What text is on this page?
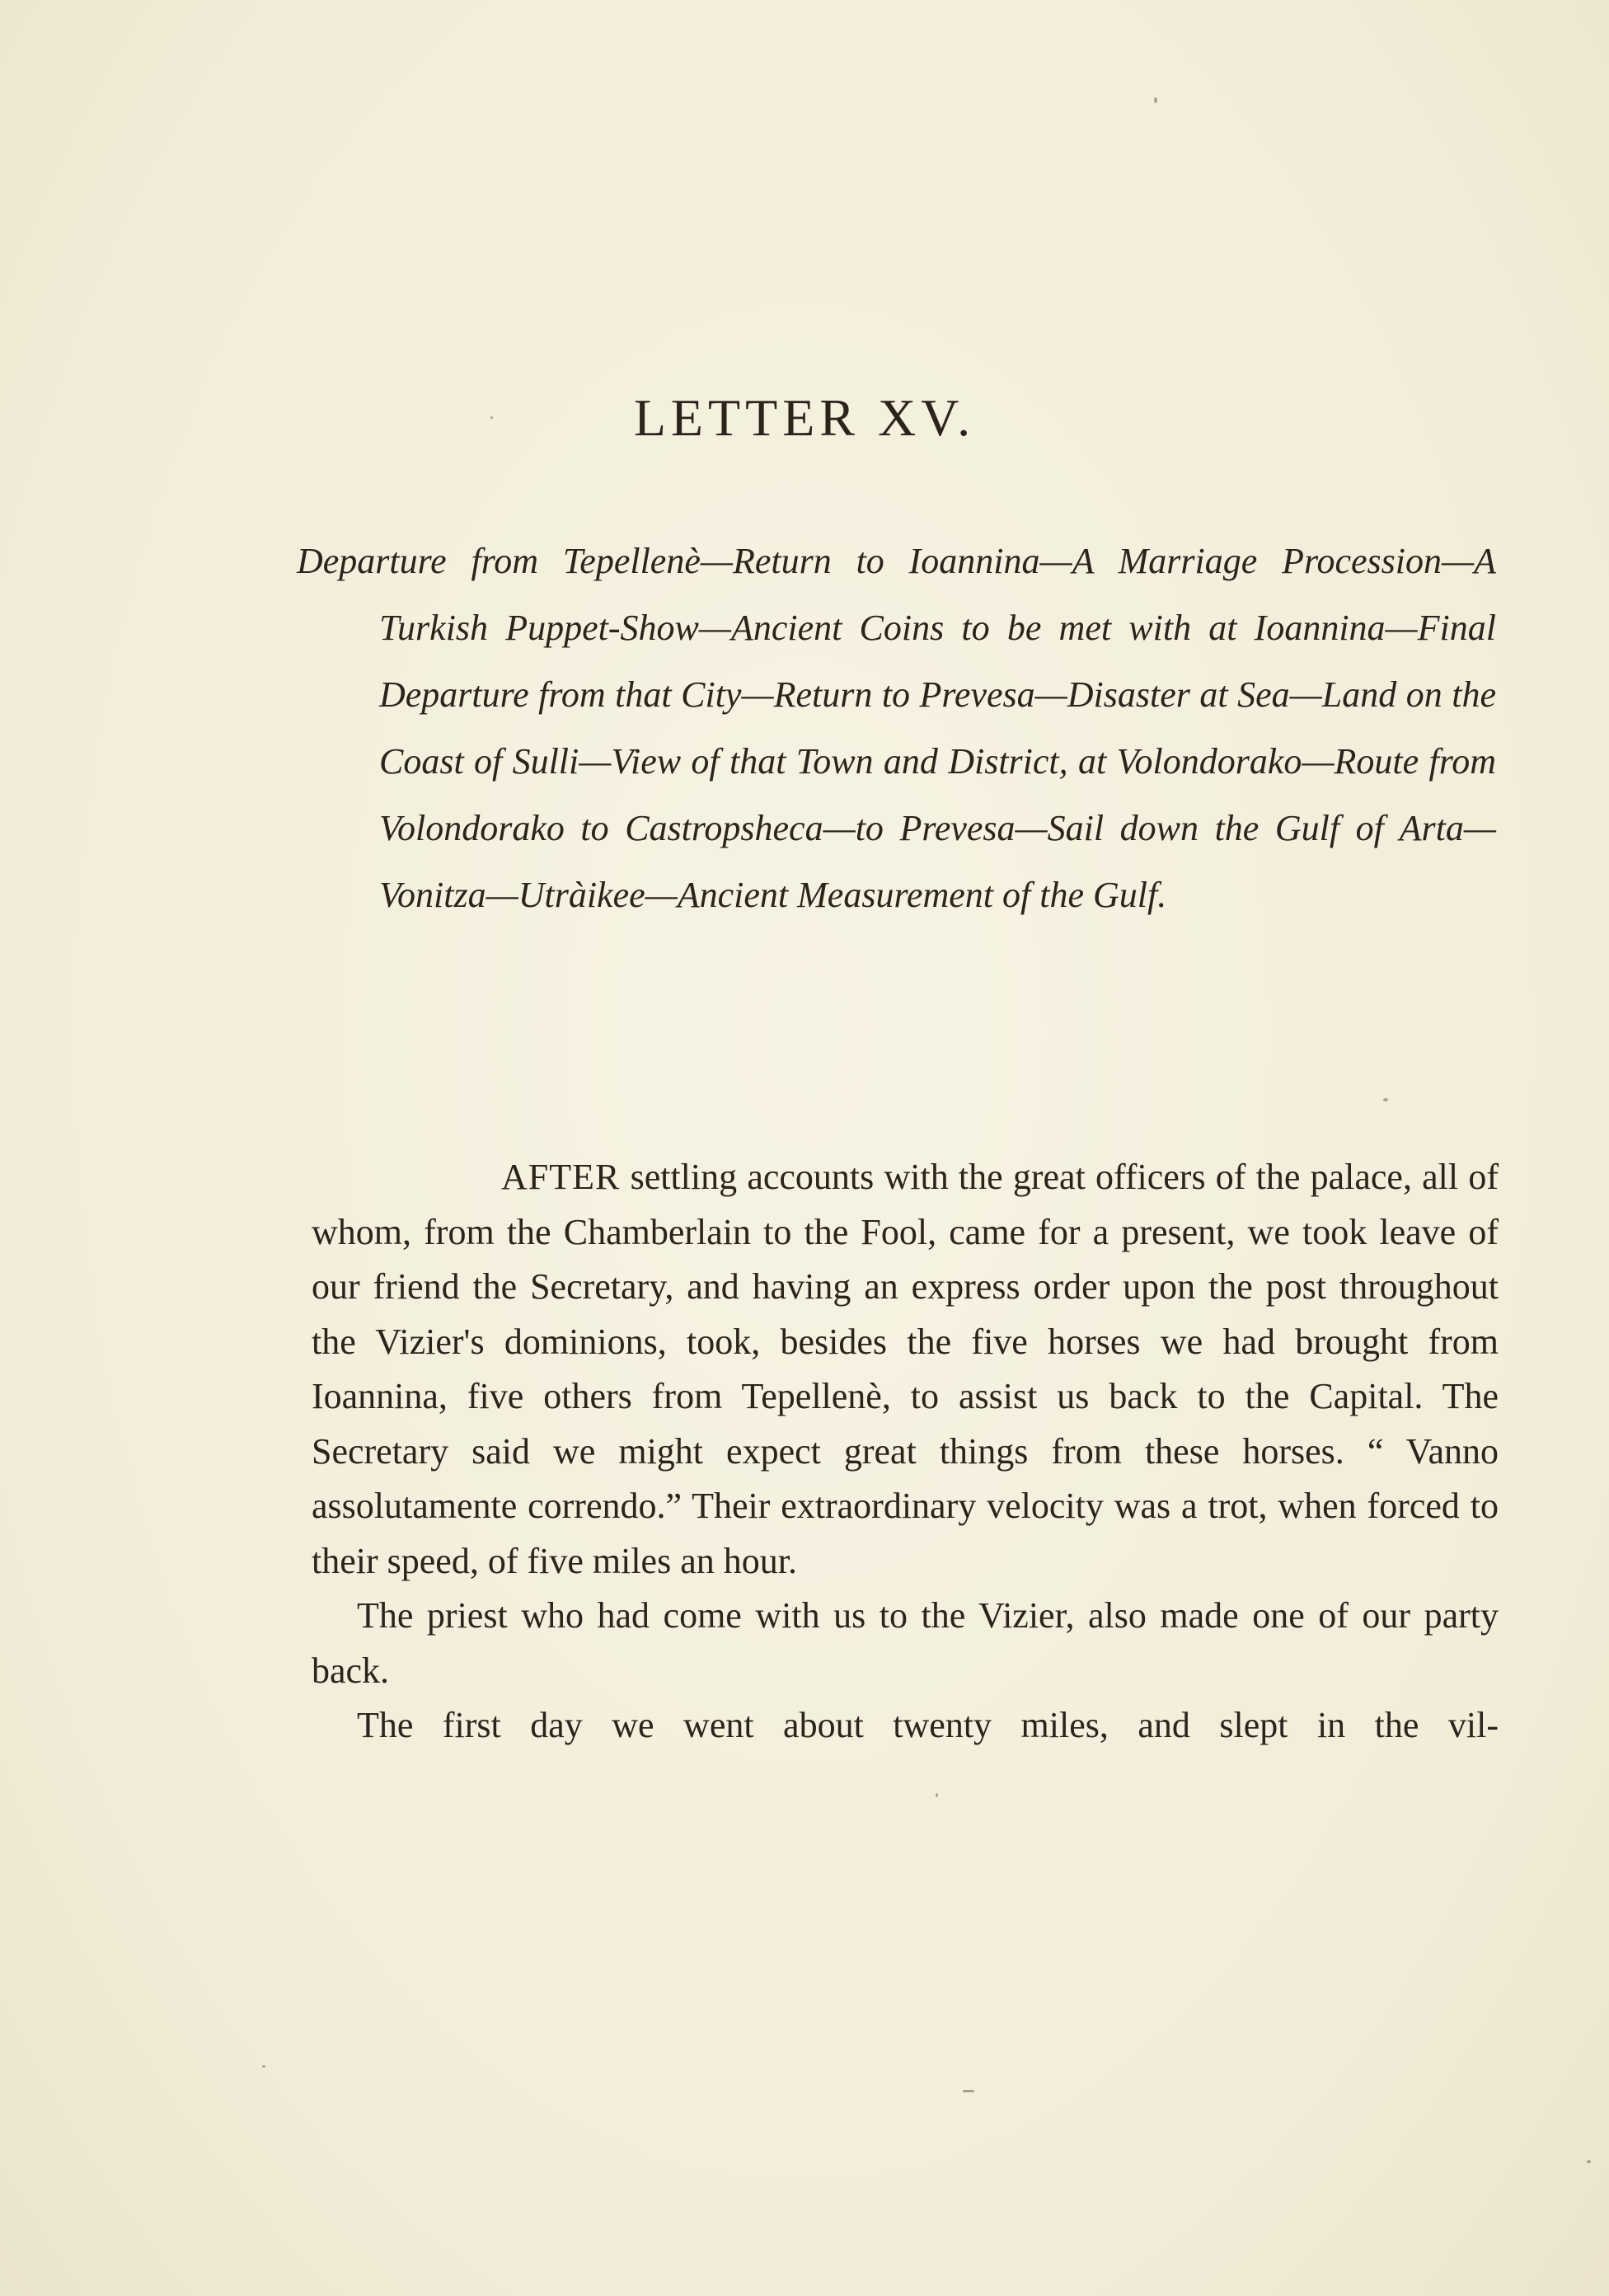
LETTER XV.

Departure from Tepellenè—Return to Ioannina—A Marriage Procession—A Turkish Puppet-Show—Ancient Coins to be met with at Ioannina—Final Departure from that City—Return to Prevesa—Disaster at Sea—Land on the Coast of Sulli—View of that Town and District, at Volondorako—Route from Volondorako to Castropsheca—to Prevesa—Sail down the Gulf of Arta—Vonitza—Utràikee—Ancient Measurement of the Gulf.

AFTER settling accounts with the great officers of the palace, all of whom, from the Chamberlain to the Fool, came for a present, we took leave of our friend the Secretary, and having an express order upon the post throughout the Vizier's dominions, took, besides the five horses we had brought from Ioannina, five others from Tepellenè, to assist us back to the Capital. The Secretary said we might expect great things from these horses. “ Vanno assolutamente correndo.” Their extraordinary velocity was a trot, when forced to their speed, of five miles an hour.

The priest who had come with us to the Vizier, also made one of our party back.

The first day we went about twenty miles, and slept in the vil-
